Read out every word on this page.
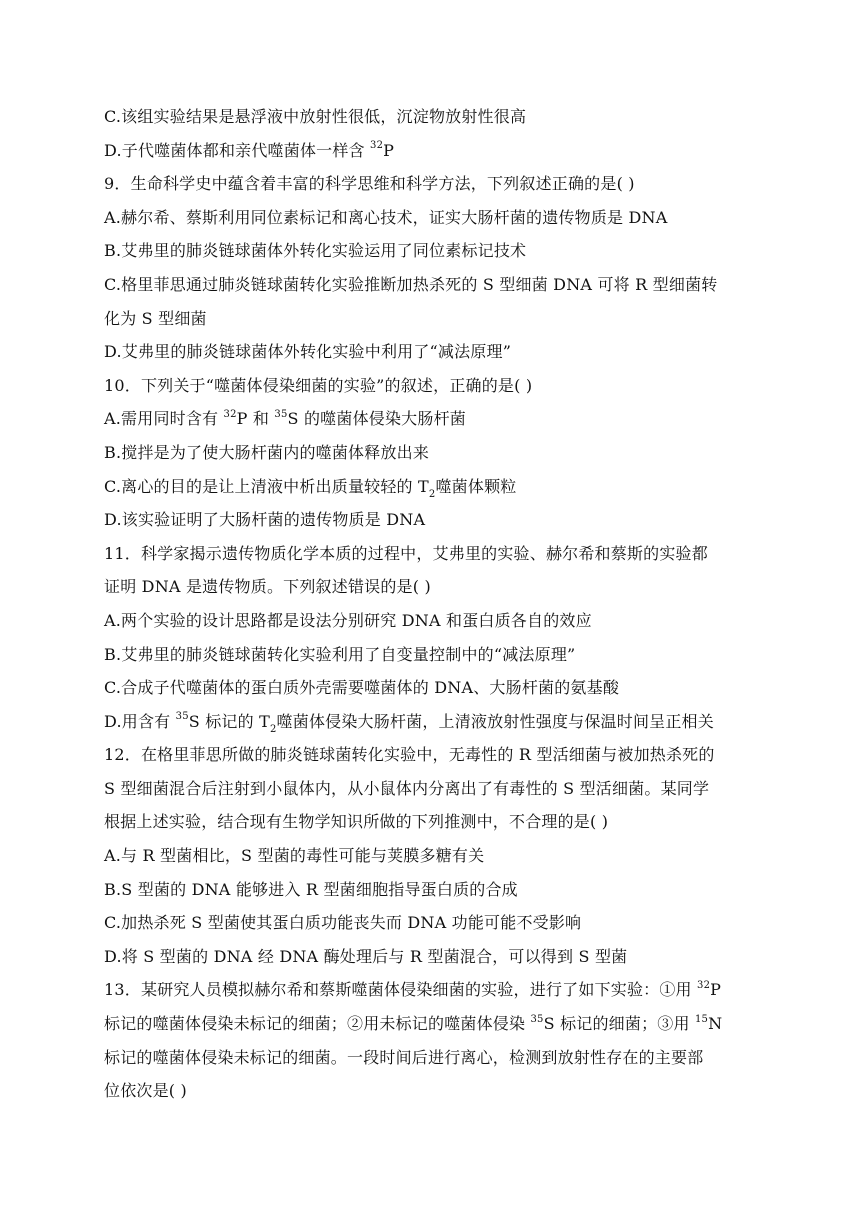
C.该组实验结果是悬浮液中放射性很低，沉淀物放射性很高
D.子代噬菌体都和亲代噬菌体一样含 $^{32}$P
9．生命科学史中蕴含着丰富的科学思维和科学方法，下列叙述正确的是( )
A.赫尔希、蔡斯利用同位素标记和离心技术，证实大肠杆菌的遗传物质是 DNA
B.艾弗里的肺炎链球菌体外转化实验运用了同位素标记技术
C.格里菲思通过肺炎链球菌转化实验推断加热杀死的 S 型细菌 DNA 可将 R 型细菌转
化为 S 型细菌
D.艾弗里的肺炎链球菌体外转化实验中利用了“减法原理”
10．下列关于“噬菌体侵染细菌的实验”的叙述，正确的是( )
A.需用同时含有 $^{32}$P 和 $^{35}$S 的噬菌体侵染大肠杆菌
B.搅拌是为了使大肠杆菌内的噬菌体释放出来
C.离心的目的是让上清液中析出质量较轻的 $T_2$噬菌体颗粒
D.该实验证明了大肠杆菌的遗传物质是 DNA
11．科学家揭示遗传物质化学本质的过程中，艾弗里的实验、赫尔希和蔡斯的实验都
证明 DNA 是遗传物质。下列叙述错误的是( )
A.两个实验的设计思路都是设法分别研究 DNA 和蛋白质各自的效应
B.艾弗里的肺炎链球菌转化实验利用了自变量控制中的“减法原理”
C.合成子代噬菌体的蛋白质外壳需要噬菌体的 DNA、大肠杆菌的氨基酸
D.用含有 $^{35}$S 标记的 $T_2$噬菌体侵染大肠杆菌，上清液放射性强度与保温时间呈正相关
12．在格里菲思所做的肺炎链球菌转化实验中，无毒性的 R 型活细菌与被加热杀死的
S 型细菌混合后注射到小鼠体内，从小鼠体内分离出了有毒性的 S 型活细菌。某同学
根据上述实验，结合现有生物学知识所做的下列推测中，不合理的是( )
A.与 R 型菌相比，S 型菌的毒性可能与荚膜多糖有关
B.S 型菌的 DNA 能够进入 R 型菌细胞指导蛋白质的合成
C.加热杀死 S 型菌使其蛋白质功能丧失而 DNA 功能可能不受影响
D.将 S 型菌的 DNA 经 DNA 酶处理后与 R 型菌混合，可以得到 S 型菌
13．某研究人员模拟赫尔希和蔡斯噬菌体侵染细菌的实验，进行了如下实验：①用 $^{32}$P
标记的噬菌体侵染未标记的细菌；②用未标记的噬菌体侵染 $^{35}$S 标记的细菌；③用 $^{15}$N
标记的噬菌体侵染未标记的细菌。一段时间后进行离心，检测到放射性存在的主要部
位依次是( )
